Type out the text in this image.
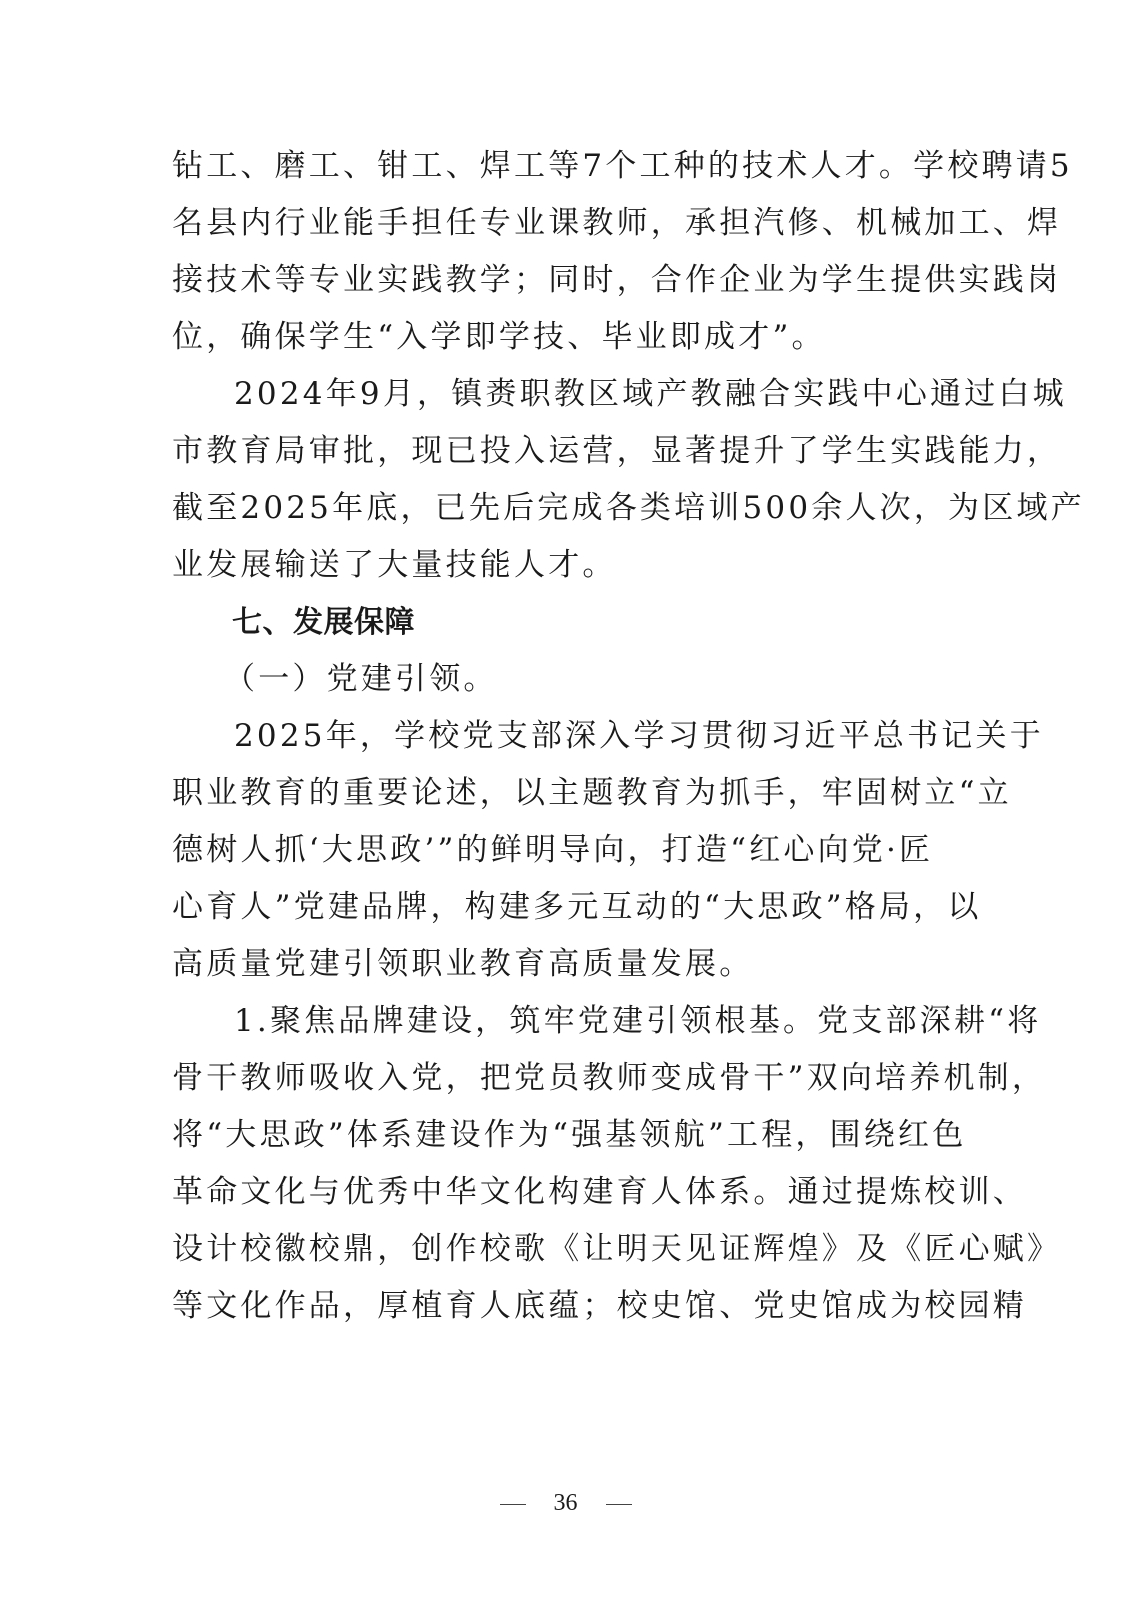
钻工、磨工、钳工、焊工等7个工种的技术人才。学校聘请5
名县内行业能手担任专业课教师，承担汽修、机械加工、焊
接技术等专业实践教学；同时，合作企业为学生提供实践岗
位，确保学生“入学即学技、毕业即成才”。
2024年9月，镇赉职教区域产教融合实践中心通过白城
市教育局审批，现已投入运营，显著提升了学生实践能力，
截至2025年底，已先后完成各类培训500余人次，为区域产
业发展输送了大量技能人才。
七、发展保障
（一）党建引领。
2025年，学校党支部深入学习贯彻习近平总书记关于
职业教育的重要论述，以主题教育为抓手，牢固树立“立
德树人抓‘大思政’”的鲜明导向，打造“红心向党·匠
心育人”党建品牌，构建多元互动的“大思政”格局，以
高质量党建引领职业教育高质量发展。
1.聚焦品牌建设，筑牢党建引领根基。党支部深耕“将
骨干教师吸收入党，把党员教师变成骨干”双向培养机制，
将“大思政”体系建设作为“强基领航”工程，围绕红色
革命文化与优秀中华文化构建育人体系。通过提炼校训、
设计校徽校鼎，创作校歌《让明天见证辉煌》及《匠心赋》
等文化作品，厚植育人底蕴；校史馆、党史馆成为校园精
36
